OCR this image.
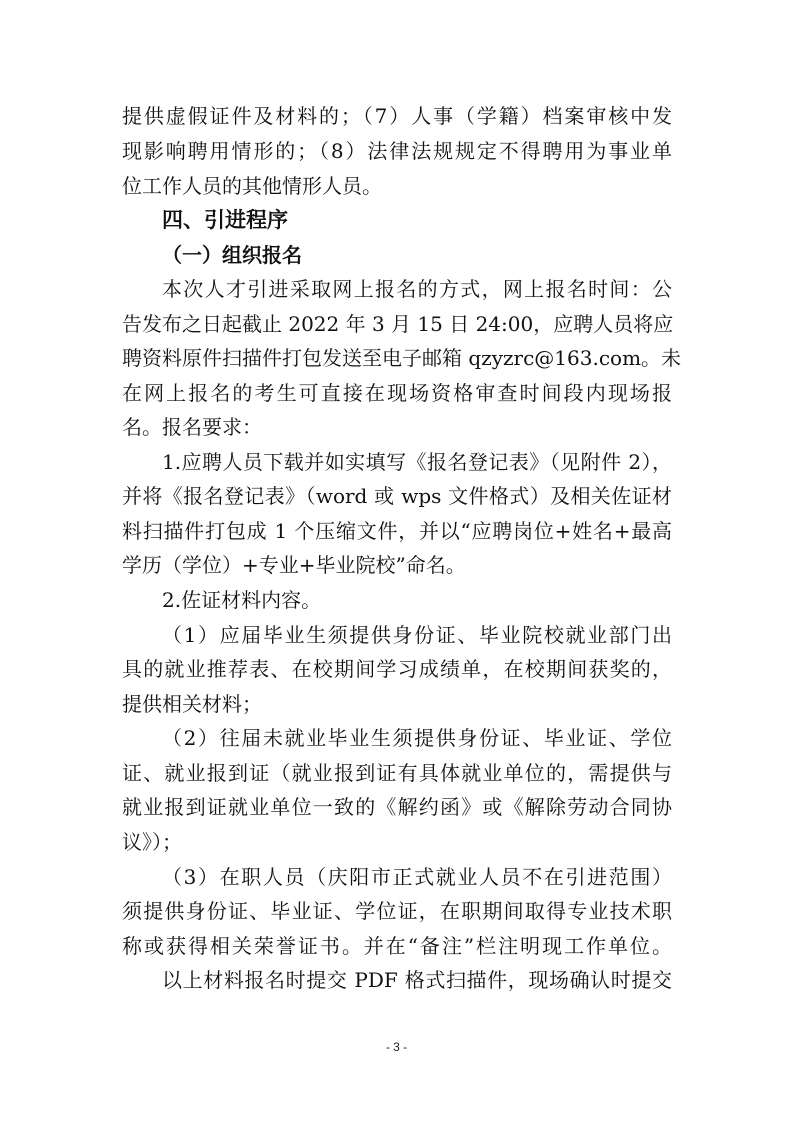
提供虚假证件及材料的；（7）人事（学籍）档案审核中发
现影响聘用情形的；（8）法律法规规定不得聘用为事业单
位工作人员的其他情形人员。
四、引进程序
（一）组织报名
本次人才引进采取网上报名的方式，网上报名时间：公
告发布之日起截止 2022 年 3 月 15 日 24:00，应聘人员将应
聘资料原件扫描件打包发送至电子邮箱 qzyzrc@163.com。未
在网上报名的考生可直接在现场资格审查时间段内现场报
名。报名要求：
1.应聘人员下载并如实填写《报名登记表》（见附件 2），
并将《报名登记表》（word 或 wps 文件格式）及相关佐证材
料扫描件打包成 1 个压缩文件，并以“应聘岗位+姓名+最高
学历（学位）+专业+毕业院校”命名。
2.佐证材料内容。
（1）应届毕业生须提供身份证、毕业院校就业部门出
具的就业推荐表、在校期间学习成绩单，在校期间获奖的，
提供相关材料；
（2）往届未就业毕业生须提供身份证、毕业证、学位
证、就业报到证（就业报到证有具体就业单位的，需提供与
就业报到证就业单位一致的《解约函》或《解除劳动合同协
议》）；
（3）在职人员（庆阳市正式就业人员不在引进范围）
须提供身份证、毕业证、学位证，在职期间取得专业技术职
称或获得相关荣誉证书。并在“备注”栏注明现工作单位。
以上材料报名时提交 PDF 格式扫描件，现场确认时提交
- 3 -
